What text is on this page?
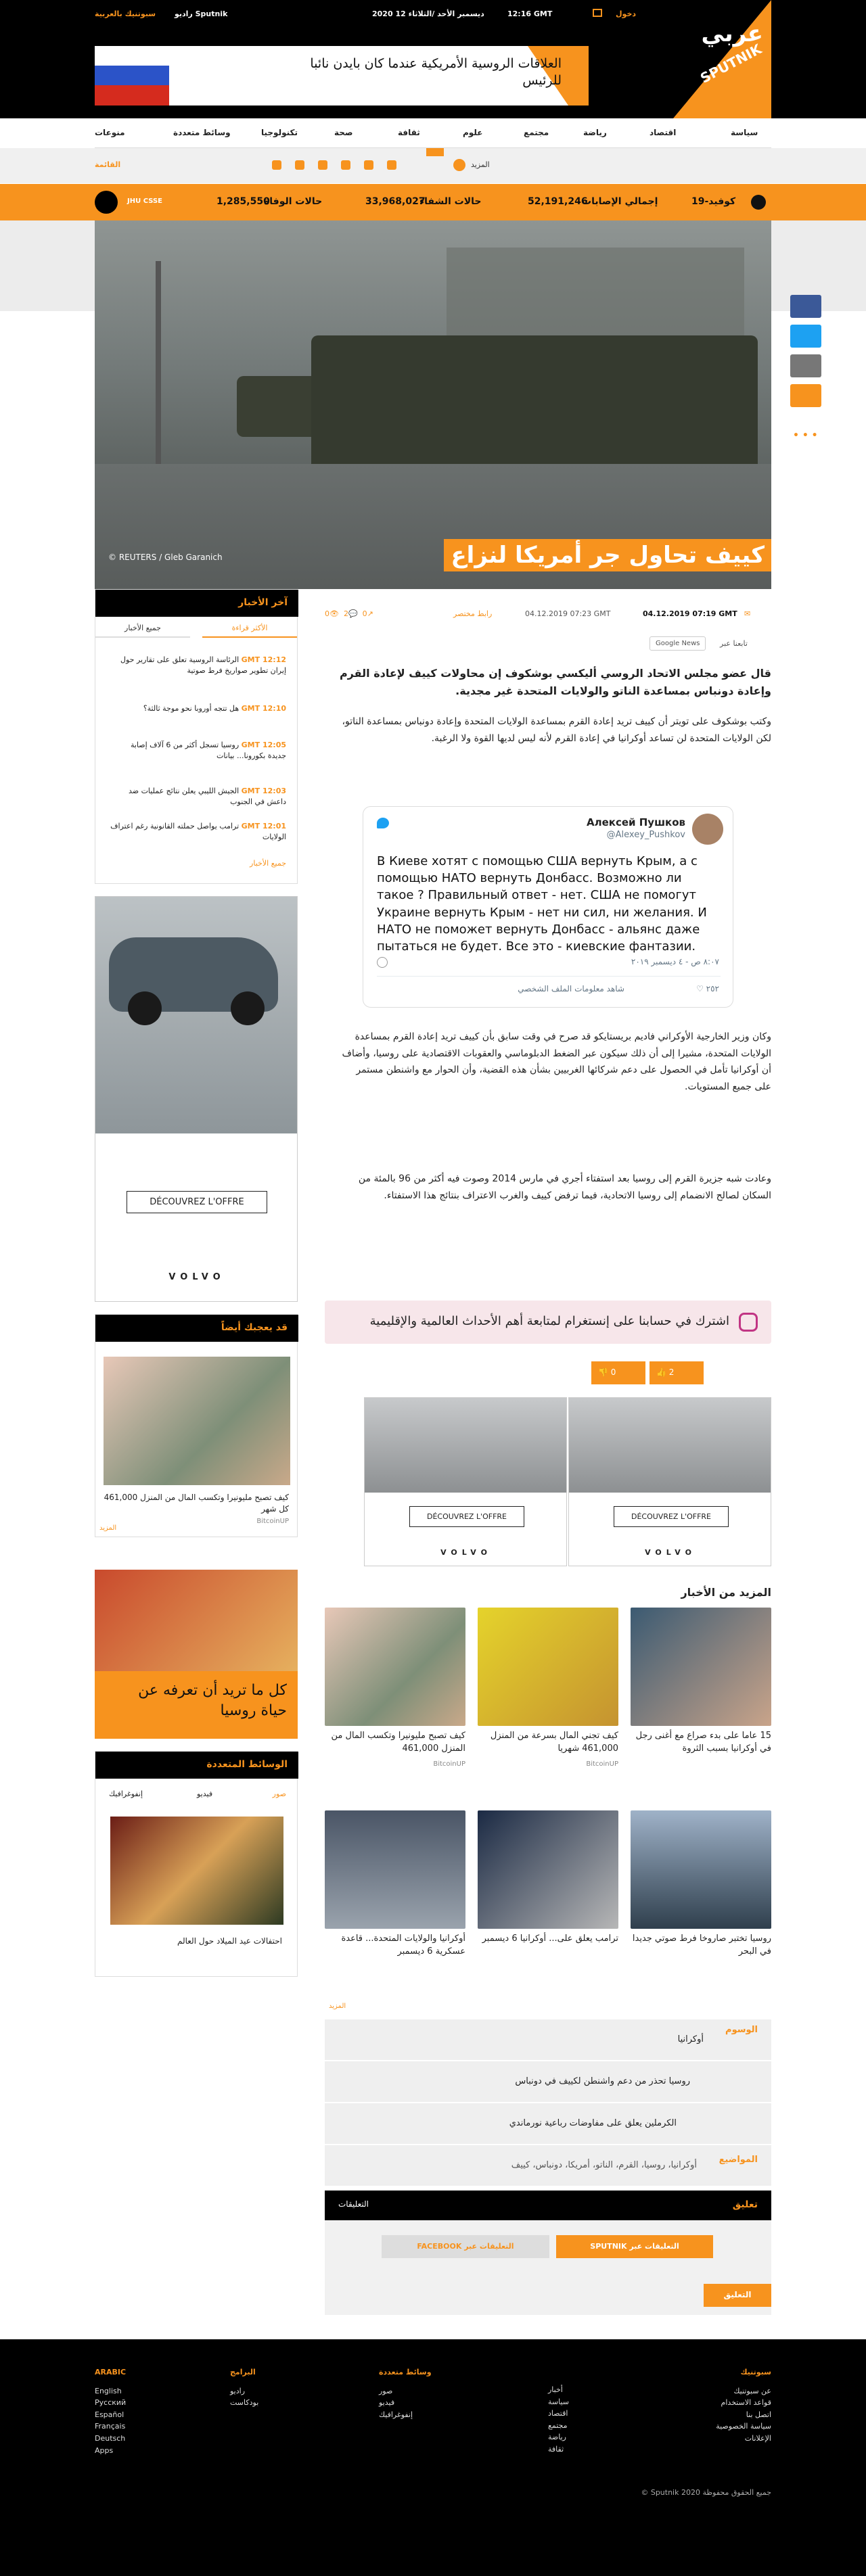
سبوتنيك بالعربية	راديو Sputnik	2020 ديسمبر الأحد /الثلاثاء 12	12:16 GMT	دخول
العلاقات الروسية الأمريكية عندما كان بايدن نائبا للرئيس
عربي
SPUTNIK
سياسة
اقتصاد
رياضة
مجتمع
علوم
ثقافة
صحة
تكنولوجيا
وسائط متعددة
منوعات
القائمة	المزيد
JHU CSSE	1,285,550
حالات الوفاة	33,968,027
حالات الشفاء	52,191,246
إجمالي الإصابات	كوفيد-19
© REUTERS / Gleb Garanich	كييف تحاول جر أمريكا لنزاع
• • •
آخر الأخبار
الأكثر قراءة
جميع الأخبار
12:12 GMT الرئاسة الروسية تعلق على تقارير حول إيران تطوير صواريخ فرط صوتية
12:10 GMT هل تتجه أوروبا نحو موجة ثالثة؟
12:05 GMT روسيا تسجل أكثر من 6 آلاف إصابة جديدة بكورونا... بيانات
12:03 GMT الجيش الليبي يعلن نتائج عمليات ضد داعش في الجنوب
12:01 GMT ترامب يواصل حملته القانونية رغم اعتراف الولايات
جميع الأخبار
DÉCOUVREZ L'OFFRE
VOLVO
قد يعجبك أيضاً
كيف تصبح مليونيرا وتكسب المال من المنزل 461,000 كل شهر
BitcoinUP
المزيد
كل ما تريد أن تعرفه عن حياة روسيا
الوسائط المتعددة
صور
فيديو
إنفوغرافيك
احتفالات عيد الميلاد حول العالم
0👁  2💬  0↗	رابط مختصر	04.12.2019 07:23 GMT	04.12.2019 07:19 GMT ✉
Google News	تابعنا عبر
قال عضو مجلس الاتحاد الروسي أليكسي بوشكوف إن محاولات كييف لإعادة القرم وإعادة دونباس بمساعدة الناتو والولايات المتحدة غير مجدية.
وكتب بوشكوف على تويتر أن كييف تريد إعادة القرم بمساعدة الولايات المتحدة وإعادة دونباس بمساعدة الناتو، لكن الولايات المتحدة لن تساعد أوكرانيا في إعادة القرم لأنه ليس لديها القوة ولا الرغبة.
Алексей Пушков
@Alexey_Pushkov
В Киеве хотят с помощью США вернуть Крым, а с помощью НАТО вернуть Донбасс. Возможно ли такое ? Правильный ответ - нет. США не помогут Украине вернуть Крым - нет ни сил, ни желания. И НАТО не поможет вернуть Донбасс - альянс даже пытаться не будет. Все это - киевские фантазии.
٨:٠٧ ص - ٤ ديسمبر ٢٠١٩
♡ ٢٥٢
شاهد معلومات الملف الشخصي
وكان وزير الخارجية الأوكراني فاديم بريستايكو قد صرح في وقت سابق بأن كييف تريد إعادة القرم بمساعدة الولايات المتحدة، مشيرا إلى أن ذلك سيكون عبر الضغط الدبلوماسي والعقوبات الاقتصادية على روسيا، وأضاف أن أوكرانيا تأمل في الحصول على دعم شركائها الغربيين بشأن هذه القضية، وأن الحوار مع واشنطن مستمر على جميع المستويات.
وعادت شبه جزيرة القرم إلى روسيا بعد استفتاء أجري في مارس 2014 وصوت فيه أكثر من 96 بالمئة من السكان لصالح الانضمام إلى روسيا الاتحادية، فيما ترفض كييف والغرب الاعتراف بنتائج هذا الاستفتاء.
اشترك في حسابنا على إنستغرام لمتابعة أهم الأحداث العالمية والإقليمية
👍 2
👎 0
DÉCOUVREZ L'OFFRE
VOLVO
DÉCOUVREZ L'OFFRE
VOLVO
المزيد من الأخبار
15 عاما على بدء صراع مع أغنى رجل في أوكرانيا بسبب الثروة
كيف تجني المال بسرعة من المنزل 461,000 شهريا
BitcoinUP
كيف تصبح مليونيرا وتكسب المال من المنزل 461,000
BitcoinUP
روسيا تختبر صاروخا فرط صوتي جديدا في البحر
ترامب يعلق على... أوكرانيا 6 ديسمبر
أوكرانيا والولايات المتحدة... قاعدة عسكرية 6 ديسمبر
المزيد
الوسوم
أوكرانيا
روسيا تحذر من دعم واشنطن لكييف في دونباس
الكرملين يعلق على مفاوضات رباعية نورماندي
المواضيع
أوكرانيا، روسيا، القرم، الناتو، أمريكا، دونباس، كييف
تعليق
التعليقات
SPUTNIK التعليقات عبر
FACEBOOK التعليقات عبر
التعليق
ARABIC
English
Русский
Español
Français
Deutsch
Apps
البرامج
راديو
بودكاست
وسائط متعددة
صور
فيديو
إنفوغرافيك
أخبار
سياسة
اقتصاد
مجتمع
رياضة
ثقافة
سبوتنيك
عن سبوتنيك
قواعد الاستخدام
اتصل بنا
سياسة الخصوصية
الإعلانات
© Sputnik 2020 جميع الحقوق محفوظة
